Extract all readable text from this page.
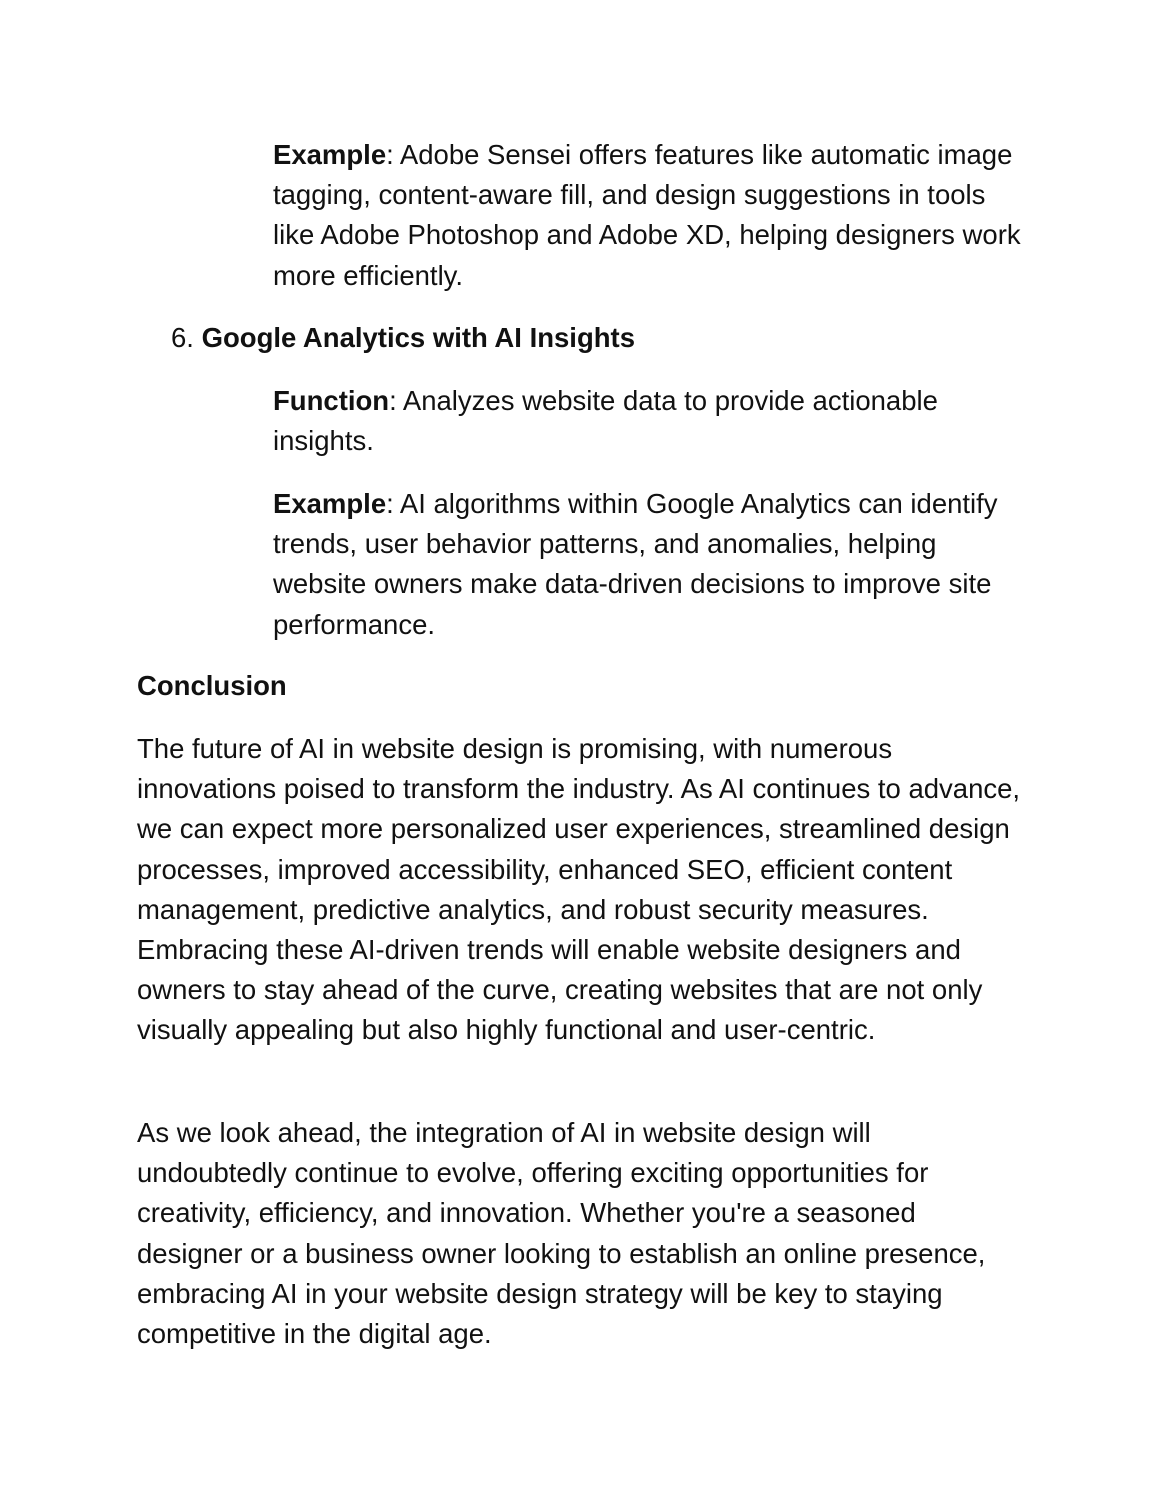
Example: Adobe Sensei offers features like automatic image tagging, content-aware fill, and design suggestions in tools like Adobe Photoshop and Adobe XD, helping designers work more efficiently.

6. Google Analytics with AI Insights

Function: Analyzes website data to provide actionable insights.

Example: AI algorithms within Google Analytics can identify trends, user behavior patterns, and anomalies, helping website owners make data-driven decisions to improve site performance.

Conclusion

The future of AI in website design is promising, with numerous innovations poised to transform the industry. As AI continues to advance, we can expect more personalized user experiences, streamlined design processes, improved accessibility, enhanced SEO, efficient content management, predictive analytics, and robust security measures. Embracing these AI-driven trends will enable website designers and owners to stay ahead of the curve, creating websites that are not only visually appealing but also highly functional and user-centric.

As we look ahead, the integration of AI in website design will undoubtedly continue to evolve, offering exciting opportunities for creativity, efficiency, and innovation. Whether you're a seasoned designer or a business owner looking to establish an online presence, embracing AI in your website design strategy will be key to staying competitive in the digital age.
